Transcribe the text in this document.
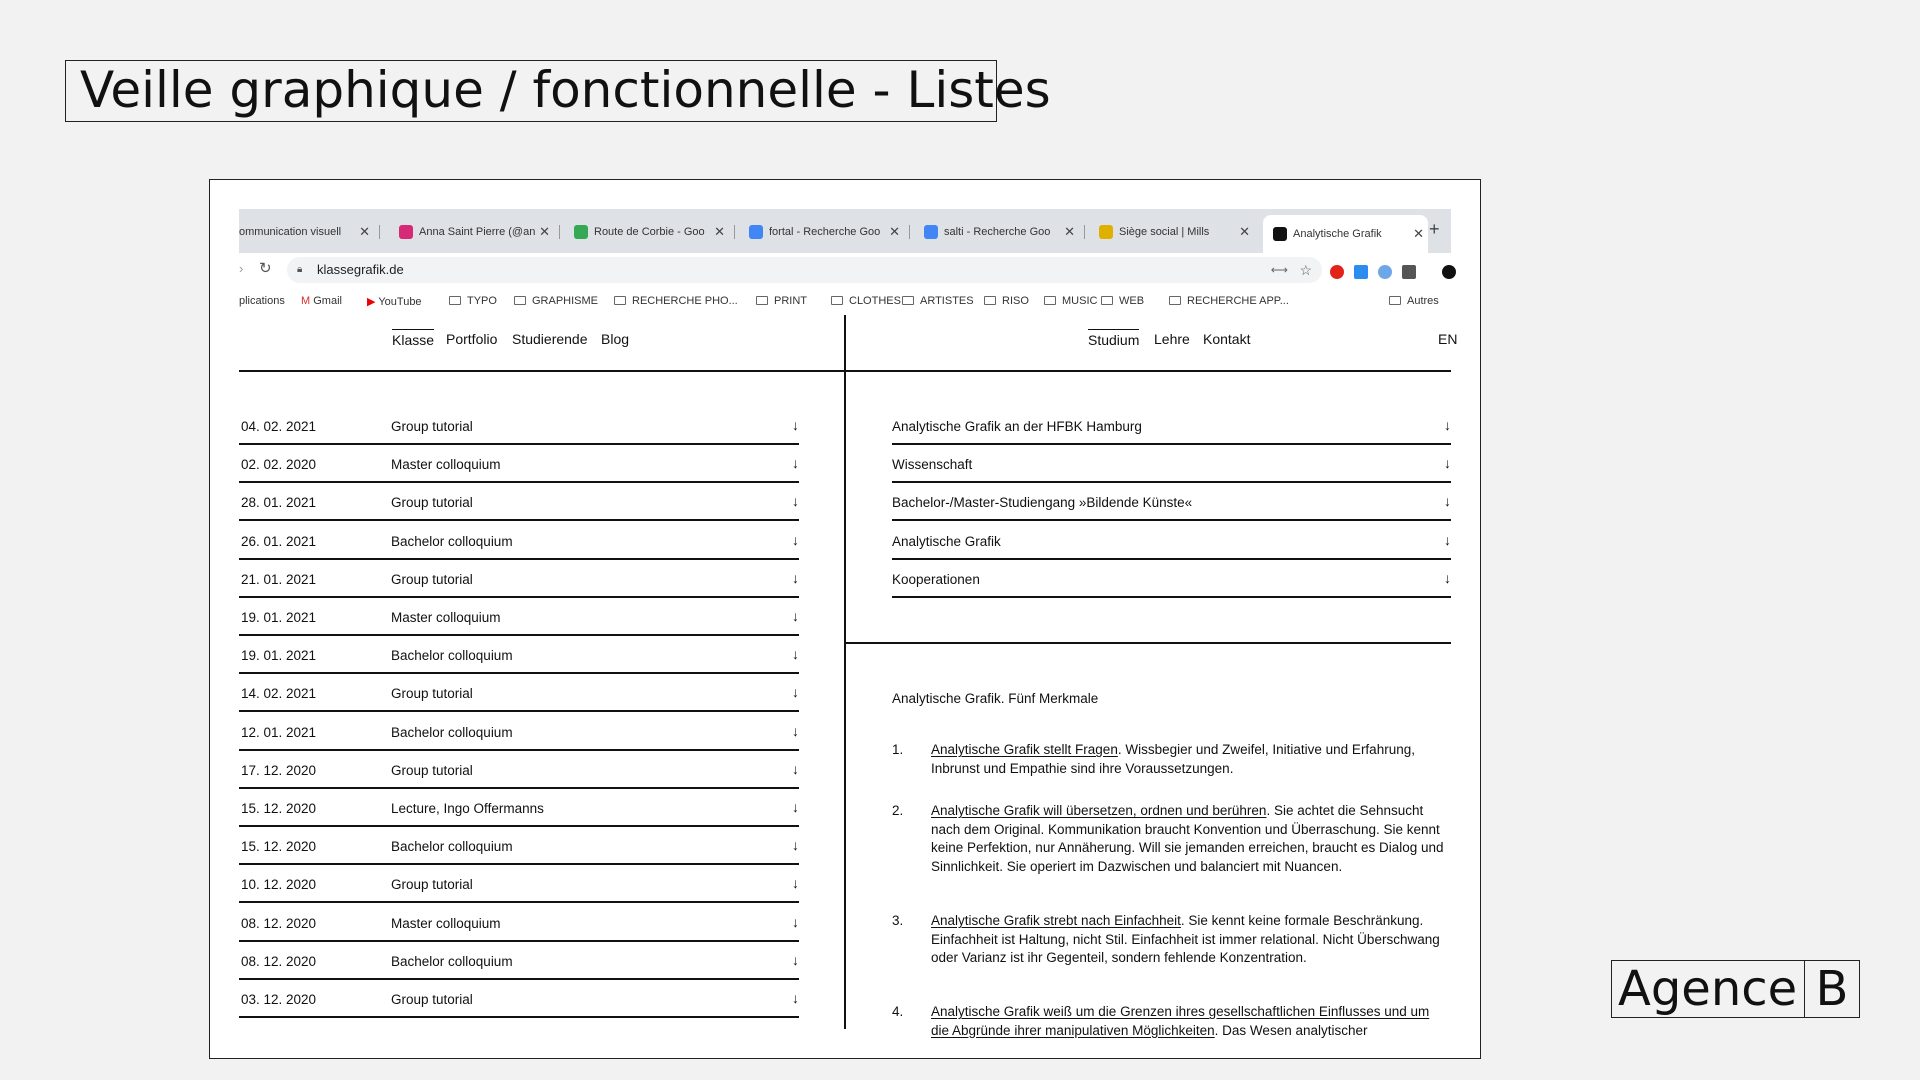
Veille graphique / fonctionnelle - Listes
+
ommunication visuell ✕	Anna Saint Pierre (@an ✕	Route de Corbie - Goo ✕	fortal - Recherche Goo ✕	salti - Recherche Goo ✕	Siège social | Mills ✕	Analytische Grafik ✕
› ↻	🔒︎ klassegrafik.de	⟷ ☆
plications M Gmail ▶ YouTube	TYPO	GRAPHISME	RECHERCHE PHO...	PRINT	CLOTHES	ARTISTES	RISO	MUSIC	WEB	RECHERCHE APP...	Autres
Klasse Portfolio Studierende Blog	Studium Lehre Kontakt	EN
04. 02. 2021	Group tutorial	↓
02. 02. 2020	Master colloquium	↓
28. 01. 2021	Group tutorial	↓
26. 01. 2021	Bachelor colloquium	↓
21. 01. 2021	Group tutorial	↓
19. 01. 2021	Master colloquium	↓
19. 01. 2021	Bachelor colloquium	↓
14. 02. 2021	Group tutorial	↓
12. 01. 2021	Bachelor colloquium	↓
17. 12. 2020	Group tutorial	↓
15. 12. 2020	Lecture, Ingo Offermanns	↓
15. 12. 2020	Bachelor colloquium	↓
10. 12. 2020	Group tutorial	↓
08. 12. 2020	Master colloquium	↓
08. 12. 2020	Bachelor colloquium	↓
03. 12. 2020	Group tutorial	↓
Analytische Grafik an der HFBK Hamburg	↓
Wissenschaft	↓
Bachelor-/Master-Studiengang »Bildende Künste«	↓
Analytische Grafik	↓
Kooperationen	↓
Analytische Grafik. Fünf Merkmale
1. Analytische Grafik stellt Fragen. Wissbegier und Zweifel, Initiative und Erfahrung, Inbrunst und Empathie sind ihre Voraussetzungen.
2. Analytische Grafik will übersetzen, ordnen und berühren. Sie achtet die Sehnsucht nach dem Original. Kommunikation braucht Konvention und Überraschung. Sie kennt keine Perfektion, nur Annäherung. Will sie jemanden erreichen, braucht es Dialog und Sinnlichkeit. Sie operiert im Dazwischen und balanciert mit Nuancen.
3. Analytische Grafik strebt nach Einfachheit. Sie kennt keine formale Beschränkung. Einfachheit ist Haltung, nicht Stil. Einfachheit ist immer relational. Nicht Überschwang oder Varianz ist ihr Gegenteil, sondern fehlende Konzentration.
4. Analytische Grafik weiß um die Grenzen ihres gesellschaftlichen Einflusses und um die Abgründe ihrer manipulativen Möglichkeiten. Das Wesen analytischer
Agence B
